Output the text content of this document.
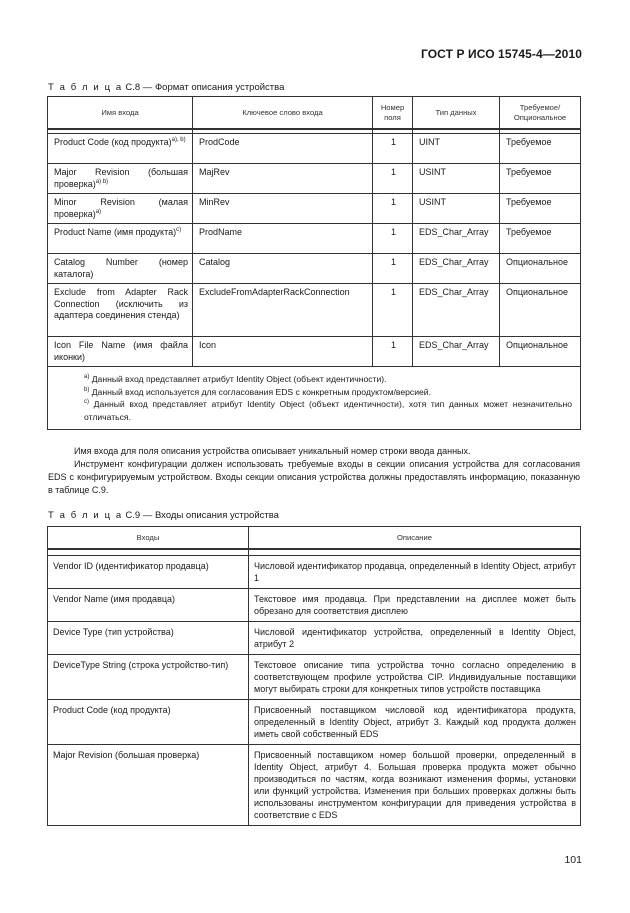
ГОСТ Р ИСО 15745-4—2010
Т а б л и ц а С.8 — Формат описания устройства
Имя входа	Ключевое слово входа	Номер поля	Тип данных	Требуемое/ Опциональное

Product Code (код продукта)$^{a), b)}$	ProdCode	1	UINT	Требуемое
Major Revision (большая проверка)$^{a) b)}$	MajRev	1	USINT	Требуемое
Minor Revision (малая проверка)$^{a)}$	MinRev	1	USINT	Требуемое
Product Name (имя продукта)$^{c)}$	ProdName	1	EDS_Char_Array	Требуемое
Catalog Number (номер каталога)	Catalog	1	EDS_Char_Array	Опциональное
Exclude from Adapter Rack Connection (исключить из адаптера соединения стенда)	ExcludeFromAdapterRackConnection	1	EDS_Char_Array	Опциональное
Icon File Name (имя файла иконки)	Icon	1	EDS_Char_Array	Опциональное

$^{a)}$ Данный вход представляет атрибут Identity Object (объект идентичности).
$^{b)}$ Данный вход используется для согласования EDS с конкретным продуктом/версией.
$^{c)}$ Данный вход представляет атрибут Identity Object (объект идентичности), хотя тип данных может незначительно отличаться.				

Имя входа для поля описания устройства описывает уникальный номер строки ввода данных.

Инструмент конфигурации должен использовать требуемые входы в секции описания устройства для согласования EDS с конфигурируемым устройством. Входы секции описания устройства должны предоставлять информацию, показанную в таблице С.9.

Т а б л и ц а С.9 — Входы описания устройства
Входы	Описание

Vendor ID (идентификатор продавца)	Числовой идентификатор продавца, определенный в Identity Object, атрибут 1
Vendor Name (имя продавца)	Текстовое имя продавца. При представлении на дисплее может быть обрезано для соответствия дисплею
Device Type (тип устройства)	Числовой идентификатор устройства, определенный в Identity Object, атрибут 2
DeviceType String (строка устройство-тип)	Текстовое описание типа устройства точно согласно определению в соответствующем профиле устройства CIP. Индивидуальные поставщики могут выбирать строки для конкретных типов устройств поставщика
Product Code (код продукта)	Присвоенный поставщиком числовой код идентификатора продукта, определенный в Identity Object, атрибут 3. Каждый код продукта должен иметь свой собственный EDS
Major Revision (большая проверка)	Присвоенный поставщиком номер большой проверки, определенный в Identity Object, атрибут 4. Большая проверка продукта может обычно производиться по частям, когда возникают изменения формы, установки или функций устройства. Изменения при больших проверках должны быть использованы инструментом конфигурации для приведения устройства в соответствие с EDS
101
